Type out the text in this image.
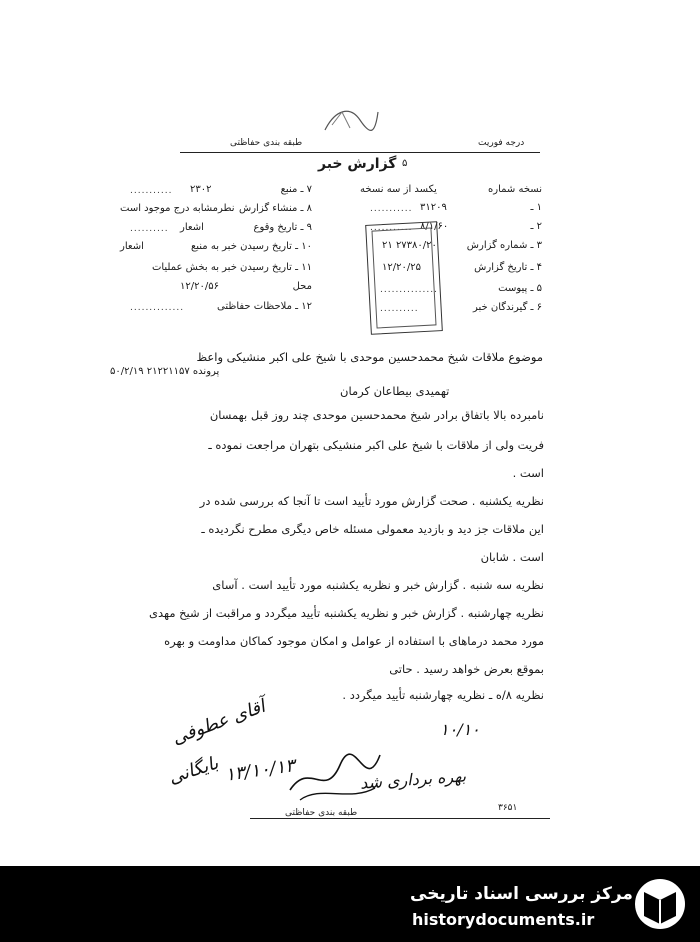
درجه فوریت
طبقه بندی حفاظتی
گزارش خبر ۵
نسخه شماره
یکسد از سه نسخه
۱ ـ
۳۱۲۰۹
...........
۲ ـ
۸/۱/۶۰
...........
۳ ـ شماره گزارش
۲۷۳۸۰/۲۰ ۲۱
۴ ـ تاریخ گزارش
۱۲/۲۰/۲۵
۵ ـ پیوست
...............
۶ ـ گیرندگان خبر
..........
۷ ـ منبع
۲۳۰۲
...........
۸ ـ منشاء گزارش
نطرمشابه درج موجود است
۹ ـ تاریخ وقوع
اشعار
..........
۱۰ ـ تاریخ رسیدن خبر به منبع
اشعار
۱۱ ـ تاریخ رسیدن خبر به بخش عملیات
محل
۱۲/۲۰/۵۶
۱۲ ـ ملاحظات حفاظتی
..............
موضوع ملاقات شیخ محمدحسین موحدی با شیخ علی اکبر منشیکی واعظ
پرونده ۲۱۲۲۱۱۵۷ ۵۰/۲/۱۹
تهمیدی بیطاعان کرمان
نامبرده بالا باتفاق برادر شیخ محمدحسین موحدی چند روز قبل بهمسان
فریت ولی از ملاقات با شیخ علی اکبر منشیکی بتهران مراجعت نموده ـ
است .
نظریه یکشنبه . صحت گزارش مورد تأیید است تا آنجا که بررسی شده در
این ملاقات جز دید و بازدید معمولی مسئله خاص دیگری مطرح نگردیده ـ
است . شابان
نظریه سه شنبه . گزارش خبر و نظریه یکشنبه مورد تأیید است . آسای
نظریه چهارشنبه . گزارش خبر و نظریه یکشنبه تأیید میگردد و مراقبت از شیخ مهدی
مورد محمد درماهای با استفاده از عوامل و امکان موجود کماکان مداومت و بهره
بموقع بعرض خواهد رسید . حاتی
نظریه ۸/ه ـ نظریه چهارشنبه تأیید میگردد .
آقای عطوفی
بایگانی ۱۳/۱۰/۱۳	بهره برداری شد
۱۰/۱۰
۳۶۵۱
طبقه بندی حفاظتی
مرکز بررسی اسناد تاریخی
historydocuments.ir
